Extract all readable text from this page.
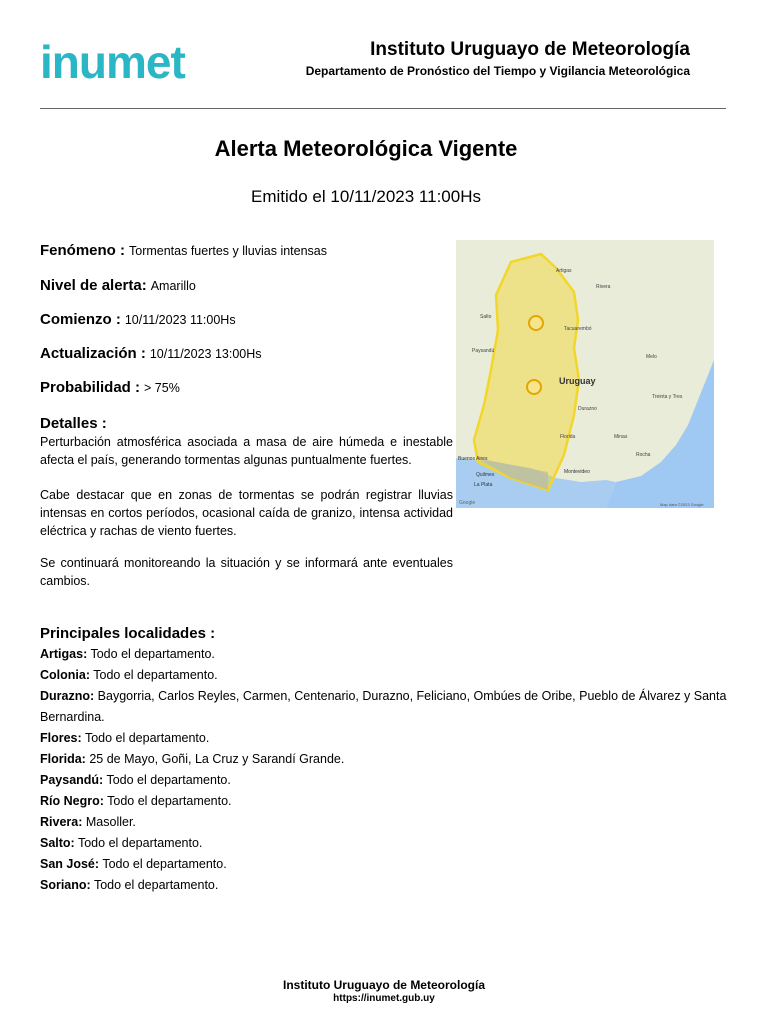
inumet	Instituto Uruguayo de Meteorología
Departamento de Pronóstico del Tiempo y Vigilancia Meteorológica
Alerta Meteorológica Vigente
Emitido el 10/11/2023 11:00Hs
Fenómeno : Tormentas fuertes y lluvias intensas
Nivel de alerta: Amarillo
Comienzo : 10/11/2023 11:00Hs
Actualización : 10/11/2023 13:00Hs
Probabilidad : > 75%
Detalles :
Perturbación atmosférica asociada a masa de aire húmeda e inestable afecta el país, generando tormentas algunas puntualmente fuertes.
Cabe destacar que en zonas de tormentas se podrán registrar lluvias intensas en cortos períodos, ocasional caída de granizo, intensa actividad eléctrica y rachas de viento fuertes.
Se continuará monitoreando la situación y se informará ante eventuales cambios.
Uruguay
Artigas
Rivera
Salto
Paysandú
Tacuarembó
Melo
Durazno
Florida
Montevideo
Buenos Aires
La Plata
Rocha
Quilmes
Minas
Treinta y Tres
Google	Map data ©2023 Google
Principales localidades :
Artigas: Todo el departamento.
Colonia: Todo el departamento.
Durazno: Baygorria, Carlos Reyles, Carmen, Centenario, Durazno, Feliciano, Ombúes de Oribe, Pueblo de Álvarez y Santa Bernardina.
Flores: Todo el departamento.
Florida: 25 de Mayo, Goñi, La Cruz y Sarandí Grande.
Paysandú: Todo el departamento.
Río Negro: Todo el departamento.
Rivera: Masoller.
Salto: Todo el departamento.
San José: Todo el departamento.
Soriano: Todo el departamento.
Instituto Uruguayo de Meteorología
https://inumet.gub.uy
